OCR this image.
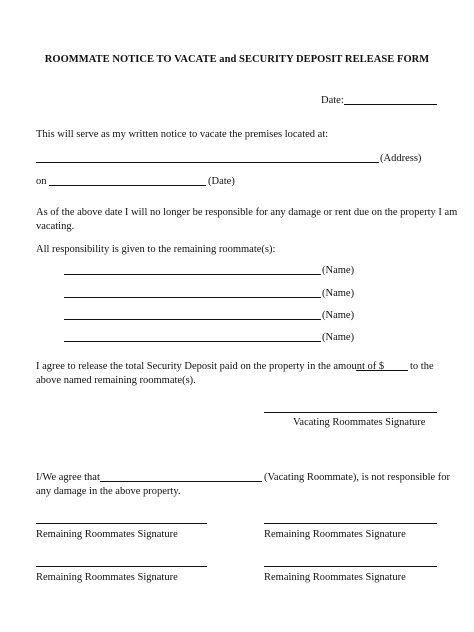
ROOMMATE NOTICE TO VACATE and SECURITY DEPOSIT RELEASE FORM
Date:
This will serve as my written notice to vacate the premises located at:
(Address)
on	(Date)
As of the above date I will no longer be responsible for any damage or rent due on the property I am
vacating.
All responsibility is given to the remaining roommate(s):
(Name)
(Name)
(Name)
(Name)
I agree to release the total Security Deposit paid on the property in the amount of $ to the
above named remaining roommate(s).
Vacating Roommates Signature
I/We agree that	(Vacating Roommate), is not responsible for
any damage in the above property.
Remaining Roommates Signature	Remaining Roommates Signature
Remaining Roommates Signature	Remaining Roommates Signature
